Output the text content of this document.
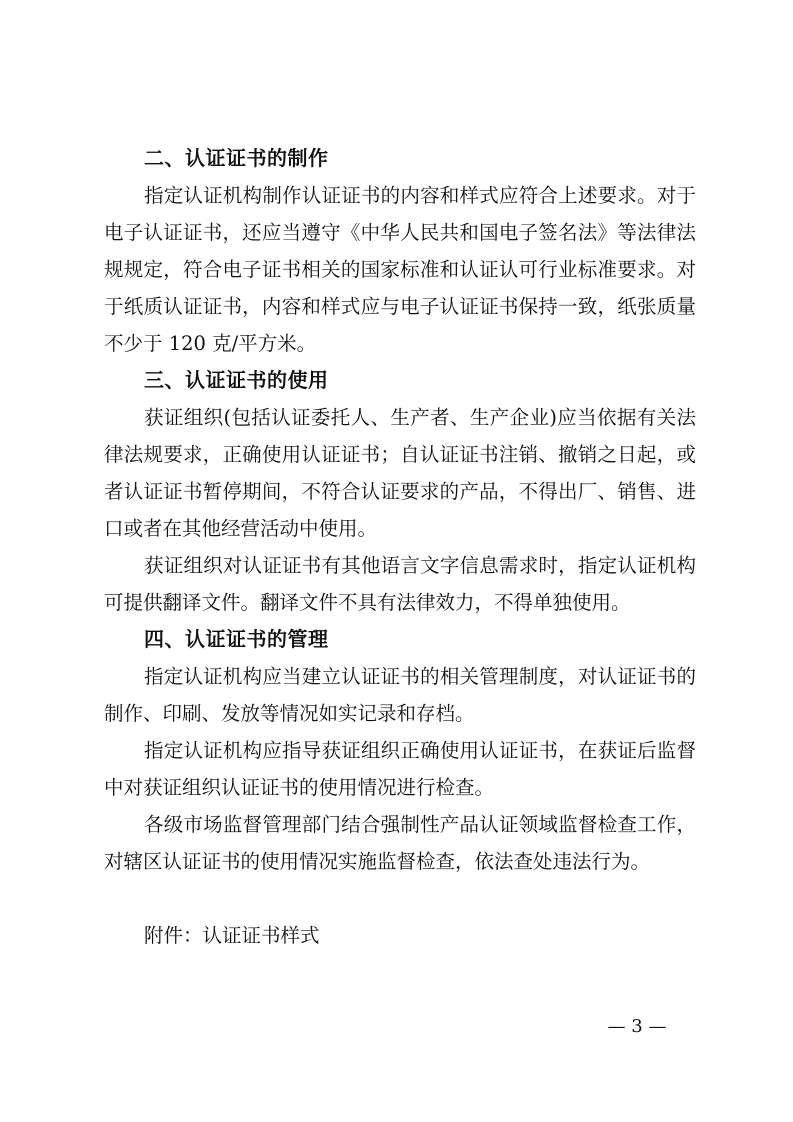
二、认证证书的制作

指定认证机构制作认证证书的内容和样式应符合上述要求。对于电子认证证书，还应当遵守《中华人民共和国电子签名法》等法律法规规定，符合电子证书相关的国家标准和认证认可行业标准要求。对于纸质认证证书，内容和样式应与电子认证证书保持一致，纸张质量不少于 120 克/平方米。

三、认证证书的使用

获证组织(包括认证委托人、生产者、生产企业)应当依据有关法律法规要求，正确使用认证证书；自认证证书注销、撤销之日起，或者认证证书暂停期间，不符合认证要求的产品，不得出厂、销售、进口或者在其他经营活动中使用。

获证组织对认证证书有其他语言文字信息需求时，指定认证机构可提供翻译文件。翻译文件不具有法律效力，不得单独使用。

四、认证证书的管理

指定认证机构应当建立认证证书的相关管理制度，对认证证书的制作、印刷、发放等情况如实记录和存档。

指定认证机构应指导获证组织正确使用认证证书，在获证后监督中对获证组织认证证书的使用情况进行检查。

各级市场监督管理部门结合强制性产品认证领域监督检查工作，对辖区认证证书的使用情况实施监督检查，依法查处违法行为。

附件：认证证书样式

— 3 —
